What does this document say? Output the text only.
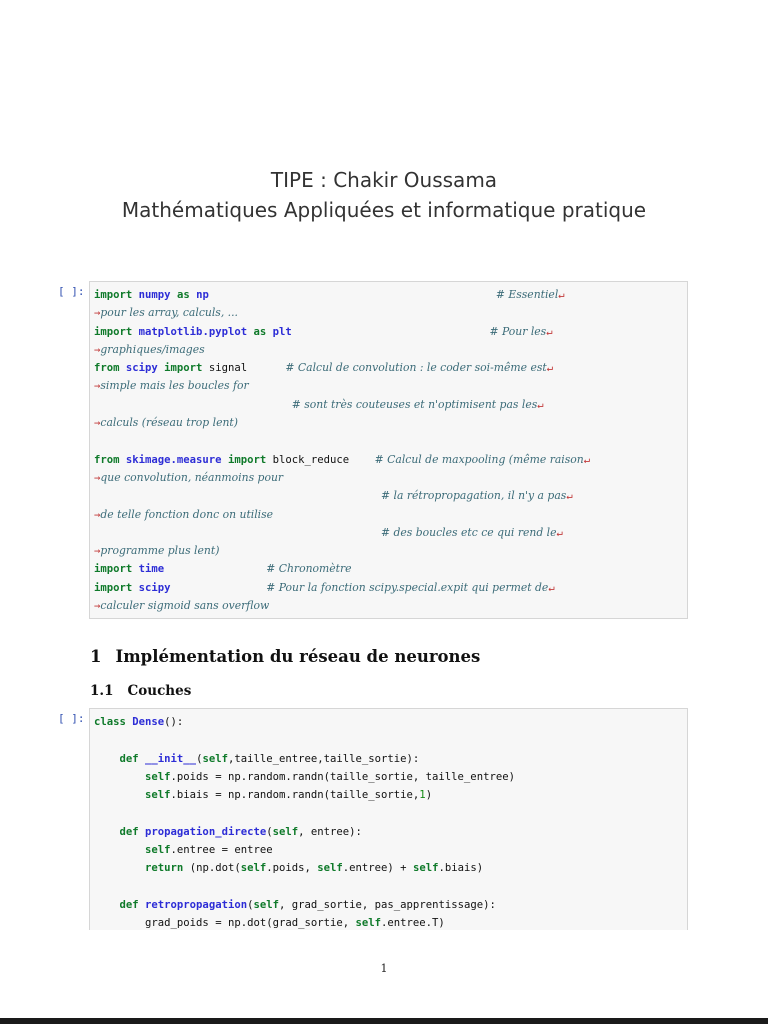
TIPE : Chakir Oussama
Mathématiques Appliquées et informatique pratique
[ ]: import numpy as np	# Essentiel↵
→pour les array, calculs, ...
import matplotlib.pyplot as plt	# Pour les↵
→graphiques/images
from scipy import signal	# Calcul de convolution : le coder soi-même est↵
→simple mais les boucles for
# sont très couteuses et n'optimisent pas les↵
→calculs (réseau trop lent)
from skimage.measure import block_reduce # Calcul de maxpooling (même raison↵
→que convolution, néanmoins pour
# la rétropropagation, il n'y a pas↵
→de telle fonction donc on utilise
# des boucles etc ce qui rend le↵
→programme plus lent)
import time	# Chronomètre
import scipy	# Pour la fonction scipy.special.expit qui permet de↵
→calculer sigmoid sans overflow
1 Implémentation du réseau de neurones
1.1 Couches
[ ]: class Dense():
def __init__(self,taille_entree,taille_sortie):
self.poids = np.random.randn(taille_sortie, taille_entree)
self.biais = np.random.randn(taille_sortie,1)
def propagation_directe(self, entree):
self.entree = entree
return (np.dot(self.poids, self.entree) + self.biais)
def retropropagation(self, grad_sortie, pas_apprentissage):
grad_poids = np.dot(grad_sortie, self.entree.T)
1
